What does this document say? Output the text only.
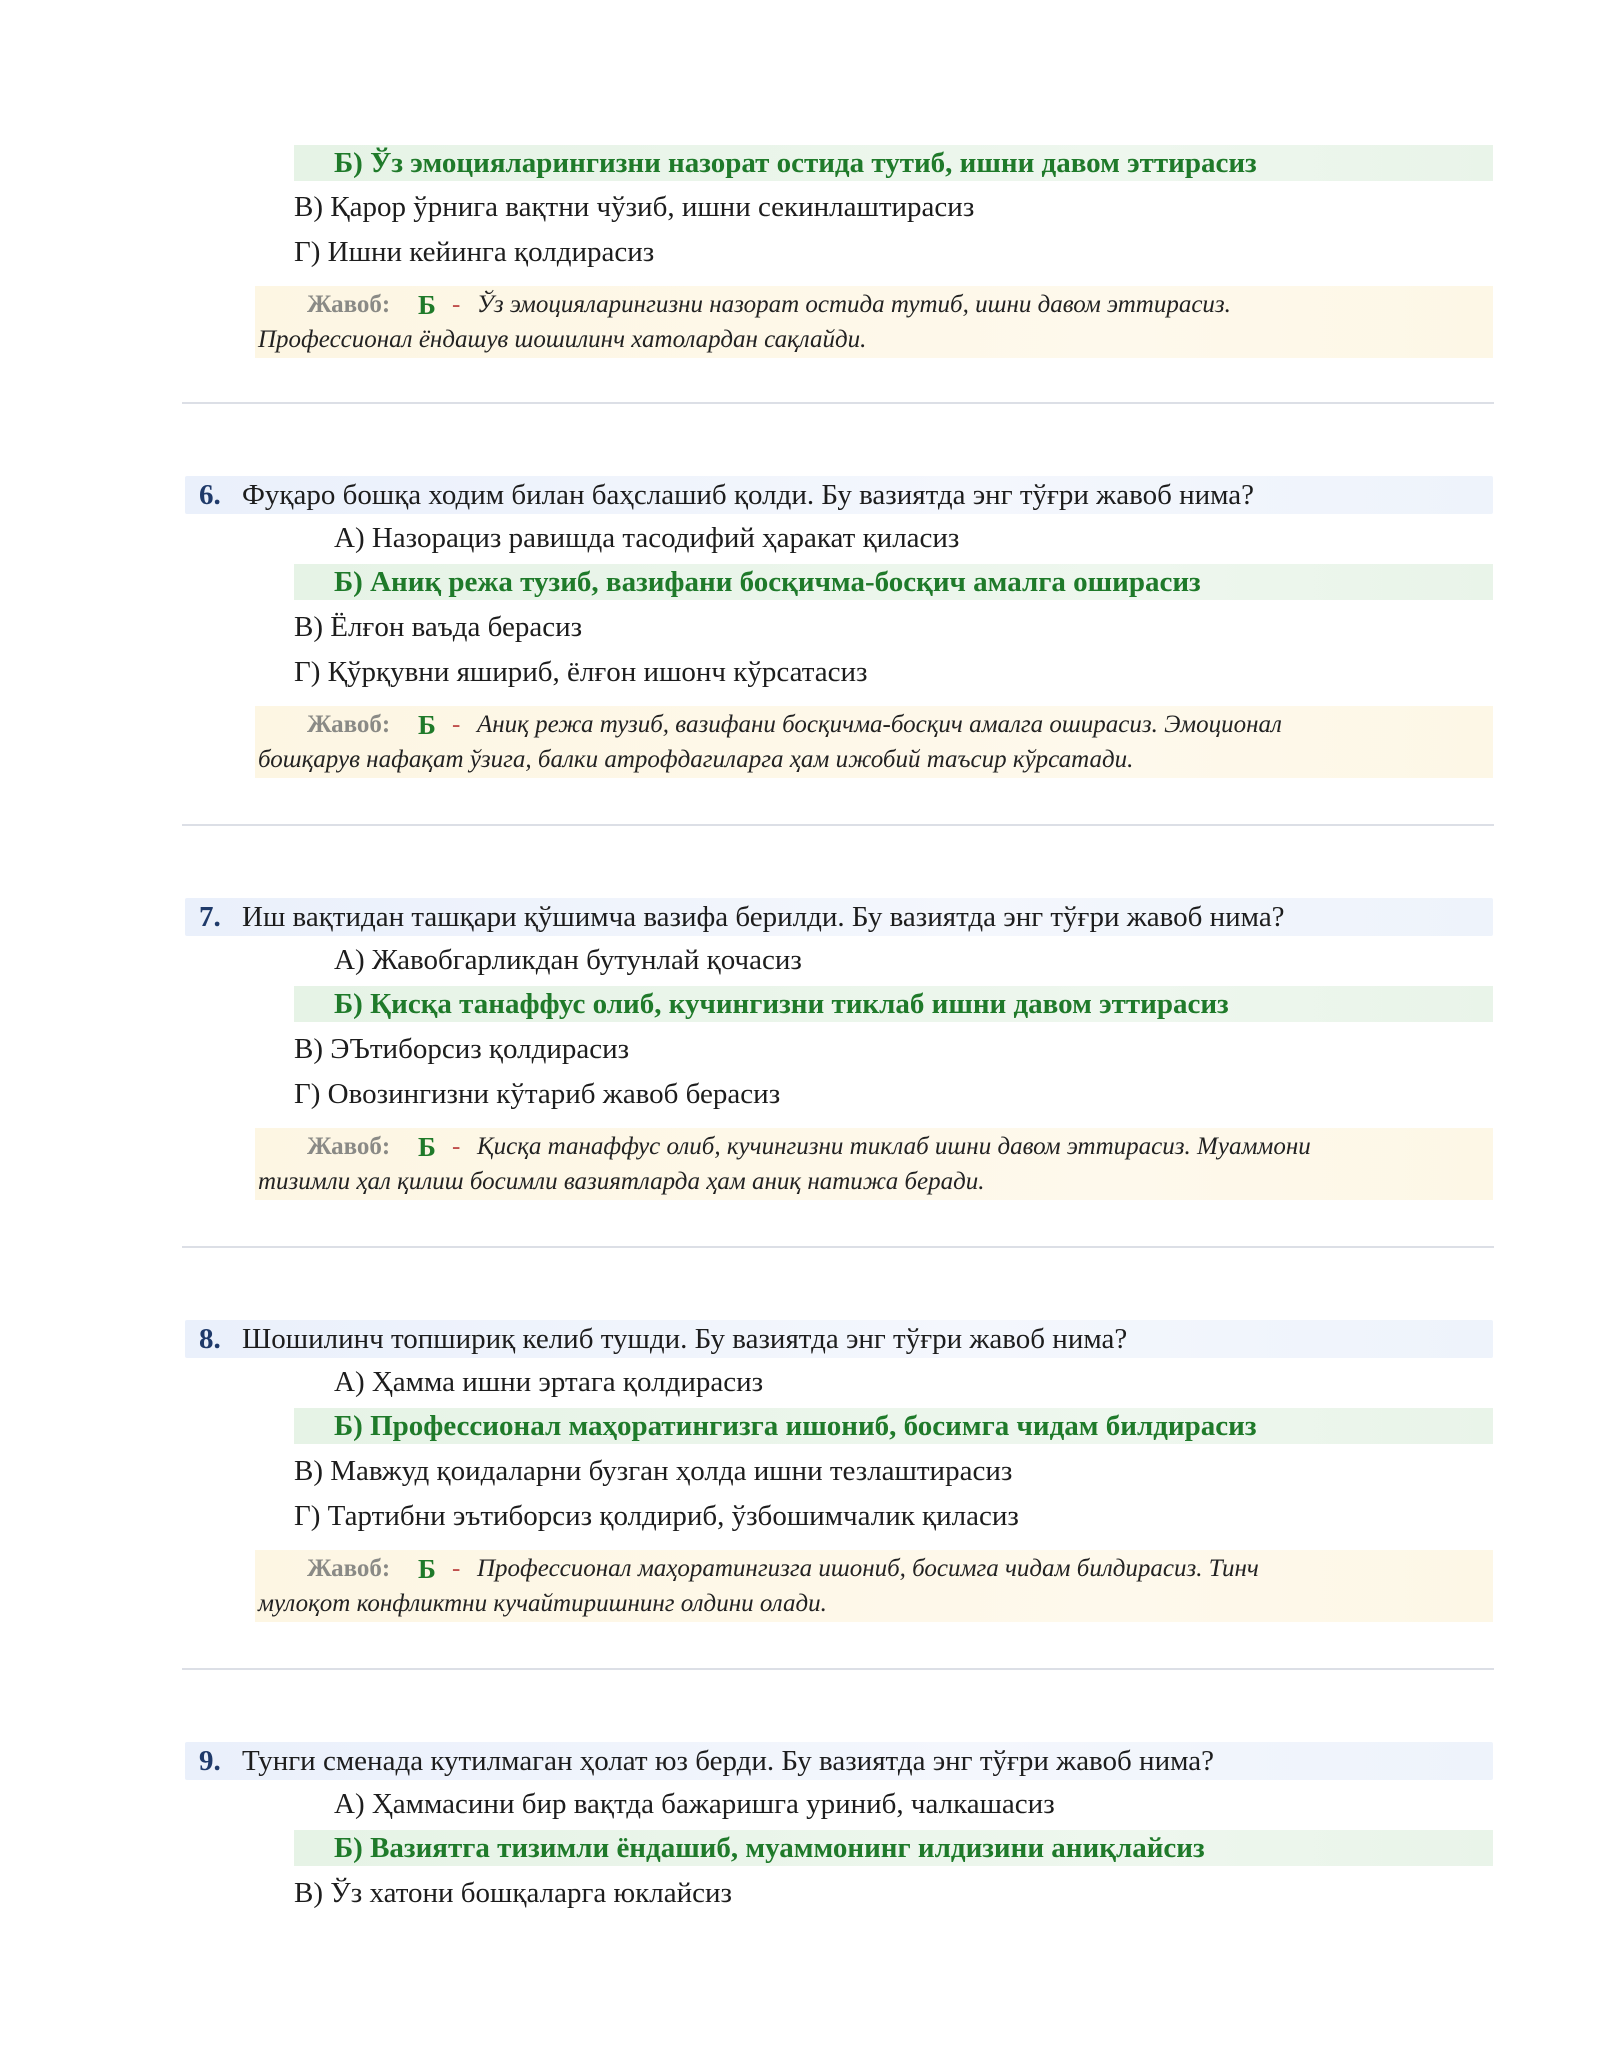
Б) Ўз эмоцияларингизни назорат остида тутиб, ишни давом эттирасиз
В) Қарор ўрнига вақтни чўзиб, ишни секинлаштирасиз
Г) Ишни кейинга қолдирасиз
Жавоб: Б - Ўз эмоцияларингизни назорат остида тутиб, ишни давом эттирасиз.
Профессионал ёндашув шошилинч хатолардан сақлайди.
6. Фуқаро бошқа ходим билан баҳслашиб қолди. Бу вазиятда энг тўғри жавоб нима?
А) Назорациз равишда тасодифий ҳаракат қиласиз
Б) Аниқ режа тузиб, вазифани босқичма-босқич амалга оширасиз
В) Ёлғон ваъда берасиз
Г) Қўрқувни яшириб, ёлғон ишонч кўрсатасиз
Жавоб: Б - Аниқ режа тузиб, вазифани босқичма-босқич амалга оширасиз. Эмоционал
бошқарув нафақат ўзига, балки атрофдагиларга ҳам ижобий таъсир кўрсатади.
7. Иш вақтидан ташқари қўшимча вазифа берилди. Бу вазиятда энг тўғри жавоб нима?
А) Жавобгарликдан бутунлай қочасиз
Б) Қисқа танаффус олиб, кучингизни тиклаб ишни давом эттирасиз
В) ЭЪтиборсиз қолдирасиз
Г) Овозингизни кўтариб жавоб берасиз
Жавоб: Б - Қисқа танаффус олиб, кучингизни тиклаб ишни давом эттирасиз. Муаммони
тизимли ҳал қилиш босимли вазиятларда ҳам аниқ натижа беради.
8. Шошилинч топшириқ келиб тушди. Бу вазиятда энг тўғри жавоб нима?
А) Ҳамма ишни эртага қолдирасиз
Б) Профессионал маҳоратингизга ишониб, босимга чидам билдирасиз
В) Мавжуд қоидаларни бузган ҳолда ишни тезлаштирасиз
Г) Тартибни эътиборсиз қолдириб, ўзбошимчалик қиласиз
Жавоб: Б - Профессионал маҳоратингизга ишониб, босимга чидам билдирасиз. Тинч
мулоқот конфликтни кучайтиришнинг олдини олади.
9. Тунги сменада кутилмаган ҳолат юз берди. Бу вазиятда энг тўғри жавоб нима?
А) Ҳаммасини бир вақтда бажаришга уриниб, чалкашасиз
Б) Вазиятга тизимли ёндашиб, муаммонинг илдизини аниқлайсиз
В) Ўз хатони бошқаларга юклайсиз
